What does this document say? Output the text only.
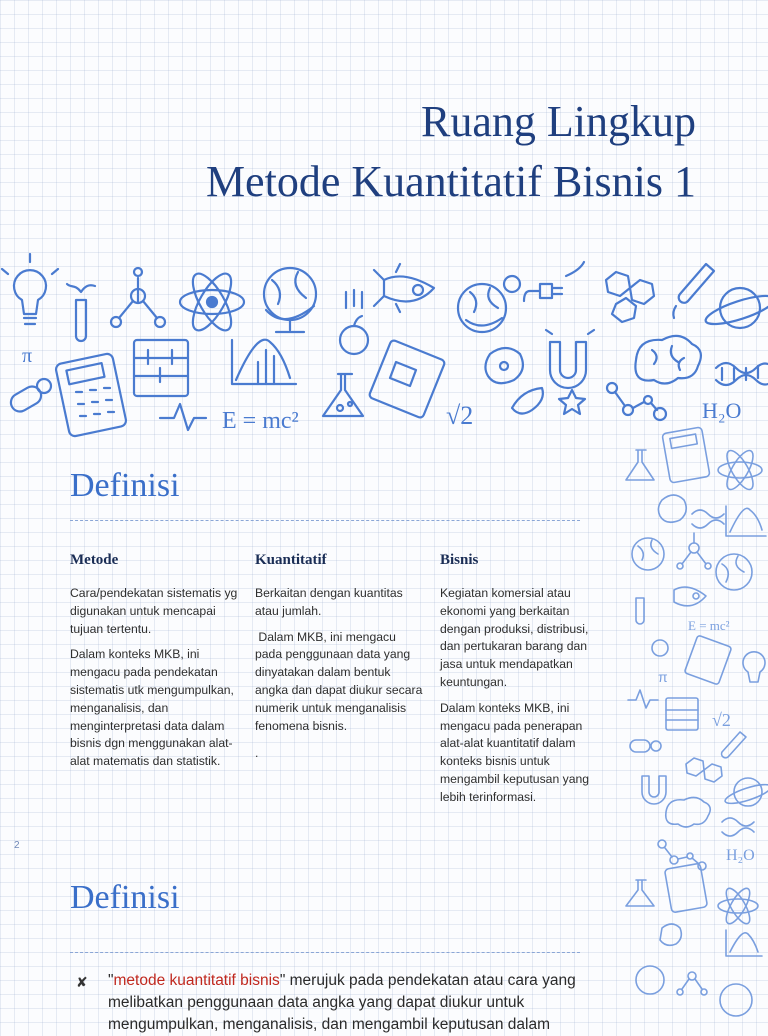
Ruang Lingkup
Metode Kuantitatif Bisnis 1
π
E = mc²	√2	H₂O
E = mc²
π
√2
H₂O
Definisi
Metode

Cara/pendekatan sistematis yg digunakan untuk mencapai tujuan tertentu.

Dalam konteks MKB, ini mengacu pada pendekatan sistematis utk mengumpulkan, menganalisis, dan menginterpretasi data dalam bisnis dgn menggunakan alat-alat matematis dan statistik.

Kuantitatif

Berkaitan dengan kuantitas atau jumlah.

Dalam MKB, ini mengacu pada penggunaan data yang dinyatakan dalam bentuk angka dan dapat diukur secara numerik untuk menganalisis fenomena bisnis.

.

Bisnis

Kegiatan komersial atau ekonomi yang berkaitan dengan produksi, distribusi, dan pertukaran barang dan jasa untuk mendapatkan keuntungan.

Dalam konteks MKB, ini mengacu pada penerapan alat-alat kuantitatif dalam konteks bisnis untuk mengambil keputusan yang lebih terinformasi.

2
Definisi
✘ "metode kuantitatif bisnis" merujuk pada pendekatan atau cara yang melibatkan penggunaan data angka yang dapat diukur untuk mengumpulkan, menganalisis, dan mengambil keputusan dalam
